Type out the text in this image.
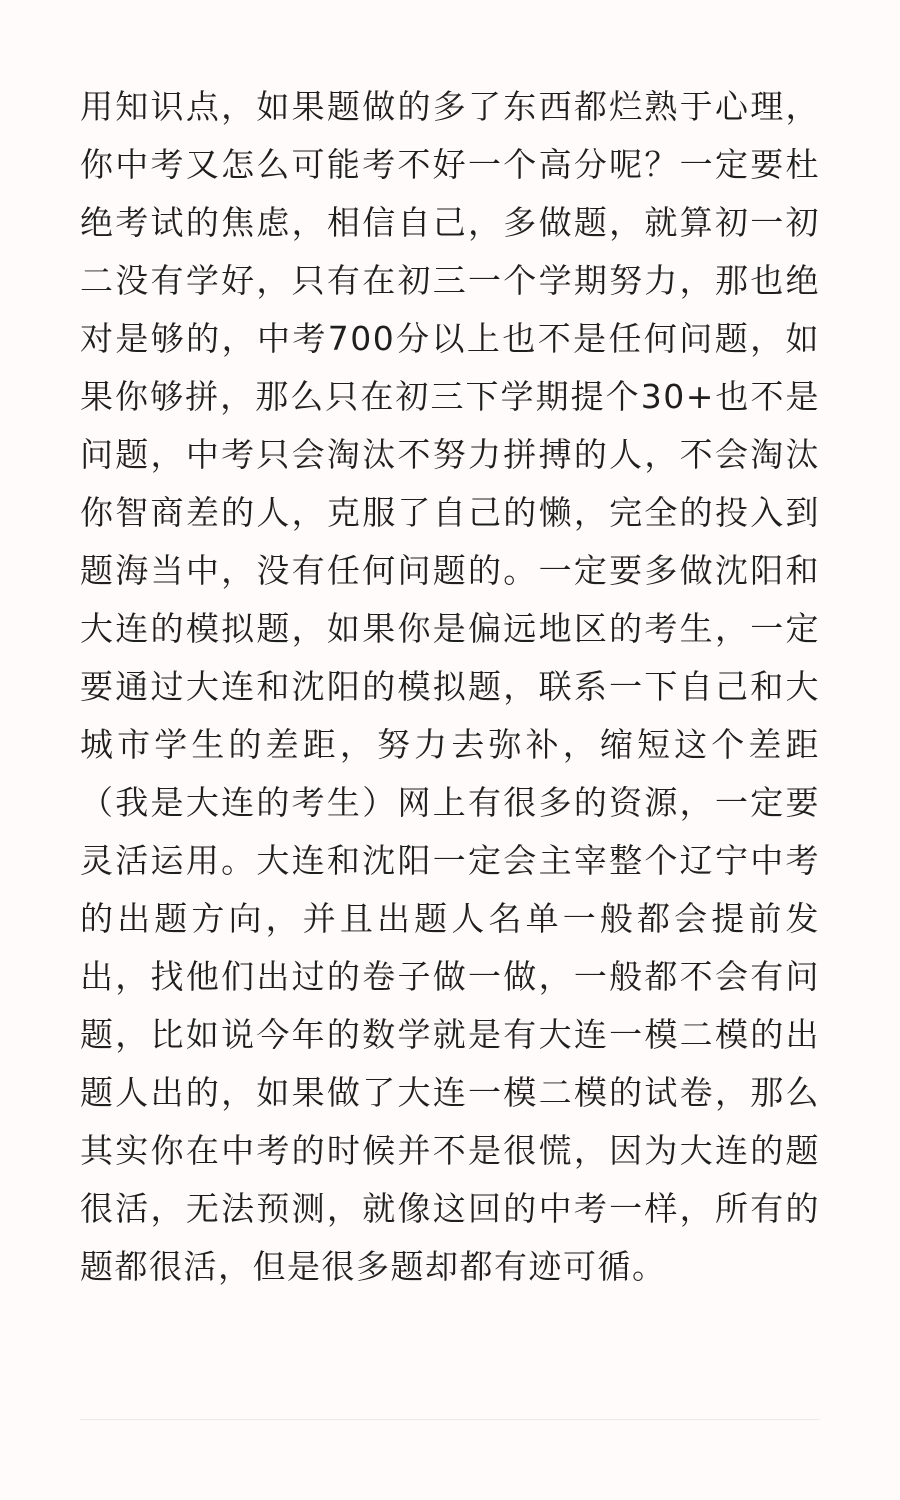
用知识点，如果题做的多了东西都烂熟于心理，你中考又怎么可能考不好一个高分呢？一定要杜绝考试的焦虑，相信自己，多做题，就算初一初二没有学好，只有在初三一个学期努力，那也绝对是够的，中考700分以上也不是任何问题，如果你够拼，那么只在初三下学期提个30+也不是问题，中考只会淘汰不努力拼搏的人，不会淘汰你智商差的人，克服了自己的懒，完全的投入到题海当中，没有任何问题的。一定要多做沈阳和大连的模拟题，如果你是偏远地区的考生，一定要通过大连和沈阳的模拟题，联系一下自己和大城市学生的差距，努力去弥补，缩短这个差距（我是大连的考生）网上有很多的资源，一定要灵活运用。大连和沈阳一定会主宰整个辽宁中考的出题方向，并且出题人名单一般都会提前发出，找他们出过的卷子做一做，一般都不会有问题，比如说今年的数学就是有大连一模二模的出题人出的，如果做了大连一模二模的试卷，那么其实你在中考的时候并不是很慌，因为大连的题很活，无法预测，就像这回的中考一样，所有的题都很活，但是很多题却都有迹可循。
